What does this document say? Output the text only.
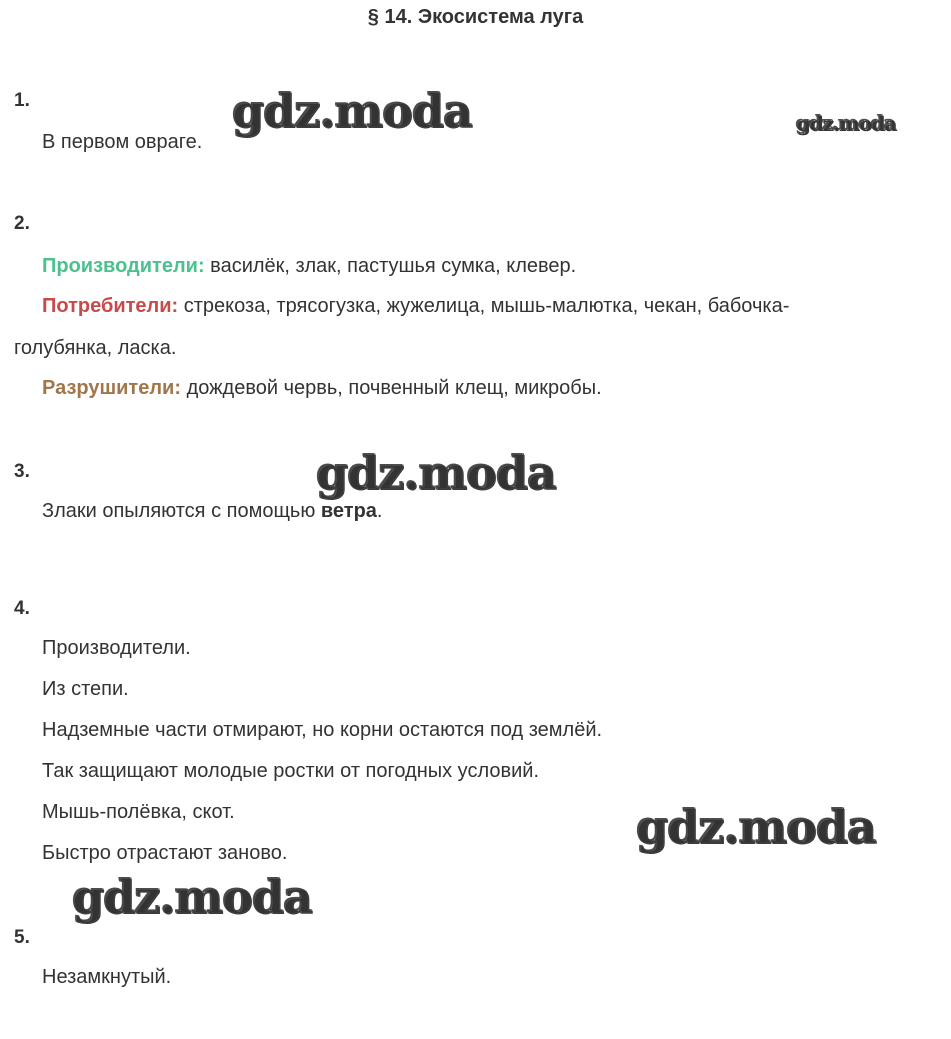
§ 14. Экосистема луга
1.
В первом овраге.
2.
Производители: василёк, злак, пастушья сумка, клевер.
Потребители: стрекоза, трясогузка, жужелица, мышь-малютка, чекан, бабочка-
голубянка, ласка.
Разрушители: дождевой червь, почвенный клещ, микробы.
3.
Злаки опыляются с помощью ветра.
4.
Производители.
Из степи.
Надземные части отмирают, но корни остаются под землёй.
Так защищают молодые ростки от погодных условий.
Мышь-полёвка, скот.
Быстро отрастают заново.
5.
Незамкнутый.
gdz.moda	gdz.moda
gdz.moda
gdz.moda
gdz.moda
